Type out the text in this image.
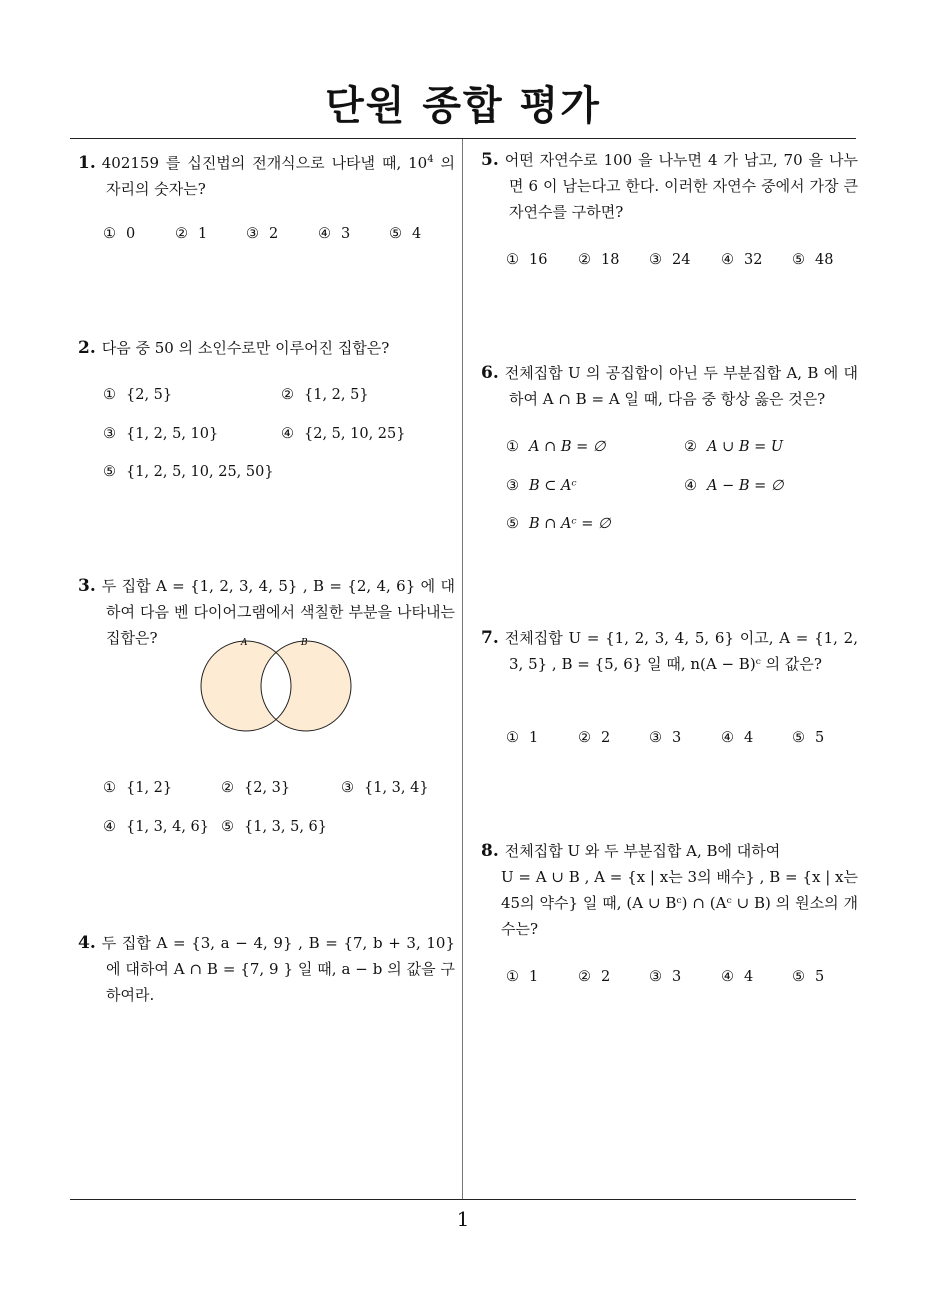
단원 종합 평가
1. 402159 를 십진법의 전개식으로 나타낼 때, $10^4$ 의 자리의 숫자는?
① 0	② 1	③ 2	④ 3	⑤ 4
2. 다음 중 50 의 소인수로만 이루어진 집합은?
① {2, 5}	② {1, 2, 5}
③ {1, 2, 5, 10}	④ {2, 5, 10, 25}
⑤ {1, 2, 5, 10, 25, 50}
3. 두 집합 A = {1, 2, 3, 4, 5} , B = {2, 4, 6} 에 대하여 다음 벤 다이어그램에서 색칠한 부분을 나타내는 집합은?	A	B
① {1, 2}	② {2, 3}	③ {1, 3, 4}
④ {1, 3, 4, 6} ⑤ {1, 3, 5, 6}
4. 두 집합 A = {3, a − 4, 9} , B = {7, b + 3, 10} 에 대하여 A ∩ B = {7, 9 } 일 때, a − b 의 값을 구하여라.
5. 어떤 자연수로 100 을 나누면 4 가 남고, 70 을 나누면 6 이 남는다고 한다. 이러한 자연수 중에서 가장 큰 자연수를 구하면?
① 16 ② 18 ③ 24 ④ 32 ⑤ 48
6. 전체집합 U 의 공집합이 아닌 두 부분집합 A, B 에 대하여 A ∩ B = A 일 때, 다음 중 항상 옳은 것은?
① A ∩ B = ∅	② A ∪ B = U
③ B ⊂ Aᶜ	④ A − B = ∅
⑤ B ∩ Aᶜ = ∅
7. 전체집합 U = {1, 2, 3, 4, 5, 6} 이고, A = {1, 2, 3, 5} , B = {5, 6} 일 때, n(A − B)ᶜ 의 값은?
① 1	② 2	③ 3	④ 4	⑤ 5
8. 전체집합 U 와 두 부분집합 A, B에 대하여
U = A ∪ B , A = {x | x는 3의 배수} , B = {x | x는 45의 약수} 일 때, (A ∪ Bᶜ) ∩ (Aᶜ ∪ B) 의 원소의 개수는?
① 1	② 2	③ 3	④ 4	⑤ 5
1
